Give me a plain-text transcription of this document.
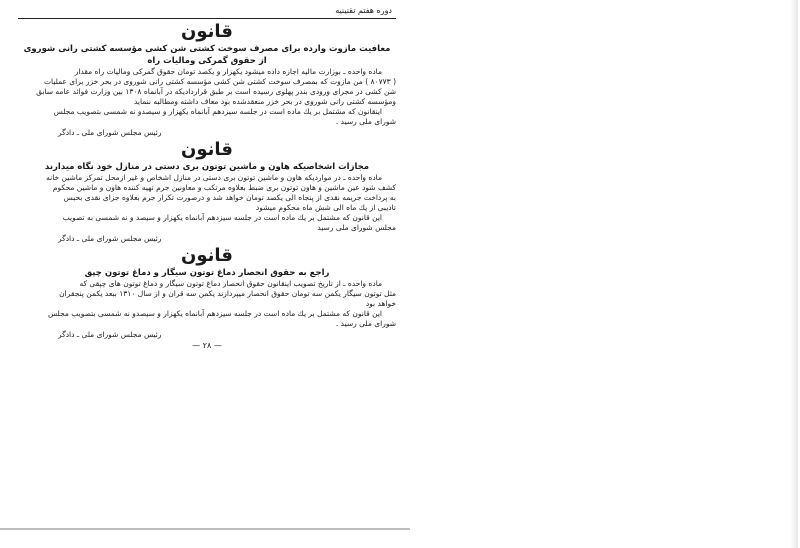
دوره هفتم تقنینیه
قانون
معافیت مازوت وارده برای مصرف سوخت کشتی شن کشی مؤسسه کشتی رانی شوروی
از حقوق گمرکی ومالیات راه
ماده واحده ـ بوزارت مالیه اجازه داده میشود یکهزار و یکصد تومان حقوق گمرکی ومالیات راه مقدار
( ۸۰۷۷۳ ) من مازوت که بمصرف سوخت کشتی شن کشی مؤسسه کشتی رانی شوروی در بحر خزر برای عملیات
شن کشی در مجرای ورودی بندر پهلوی رسیده است بر طبق قراردادیکه در آبانماه ۱۳۰۸ بین وزارت فوائد عامه سابق
ومؤسسه کشتی رانی شوروی در بحر خزر منعقدشده بود معاف داشته ومطالبه ننماید
اینقانون که مشتمل بر یك ماده است در جلسه سیزدهم آبانماه یکهزار و سیصدو نه شمسی بتصویب مجلس
شورای ملی رسید .
رئیس مجلس شورای ملی ـ دادگر
قانون
مجازات اشخاصیکه هاون و ماشین توتون بری دستی در منازل خود نگاه میدارند
ماده واحده ـ در مواردیکه هاون و ماشین توتون بری دستی در منازل اشخاص و غیر ازمحل تمرکز ماشین خانه
کشف شود عین ماشین و هاون توتون بری ضبط بعلاوه مرتکب و معاونین جرم تهیه کننده هاون و ماشین محکوم
به پرداخت جریمه نقدی از پنجاه الی یکصد تومان خواهد شد و درصورت تکرار جرم بعلاوه جزای نقدی بحبس
تادیبی از یك ماه الی شش ماه محکوم میشود
این قانون که مشتمل بر یك ماده است در جلسه سیزدهم آبانماه یکهزار و سیصد و نه شمسی به تصویب
مجلس شورای ملی رسید
رئیس مجلس شورای ملی ـ دادگر
قانون
راجع به حقوق انحصار دماغ توتون سیگار و دماغ توتون چپق
ماده واحده ـ از تاریخ تصویب اینقانون حقوق انحصار دماغ توتون سیگار و دماغ توتون های چپقی که
مثل توتون سیگار یکمن سه تومان حقوق انحصار میپردازند یکمن سه قران و از سال ۱۳۱۰ ببعد یکمن پنجقران
خواهد بود
این قانون که مشتمل بر یك ماده است در جلسه سیزدهم آبانماه یکهزار و سیصدو نه شمسی بتصویب مجلس
شورای ملی رسید .
رئیس مجلس شورای ملی ـ دادگر
— ۲۸ —
